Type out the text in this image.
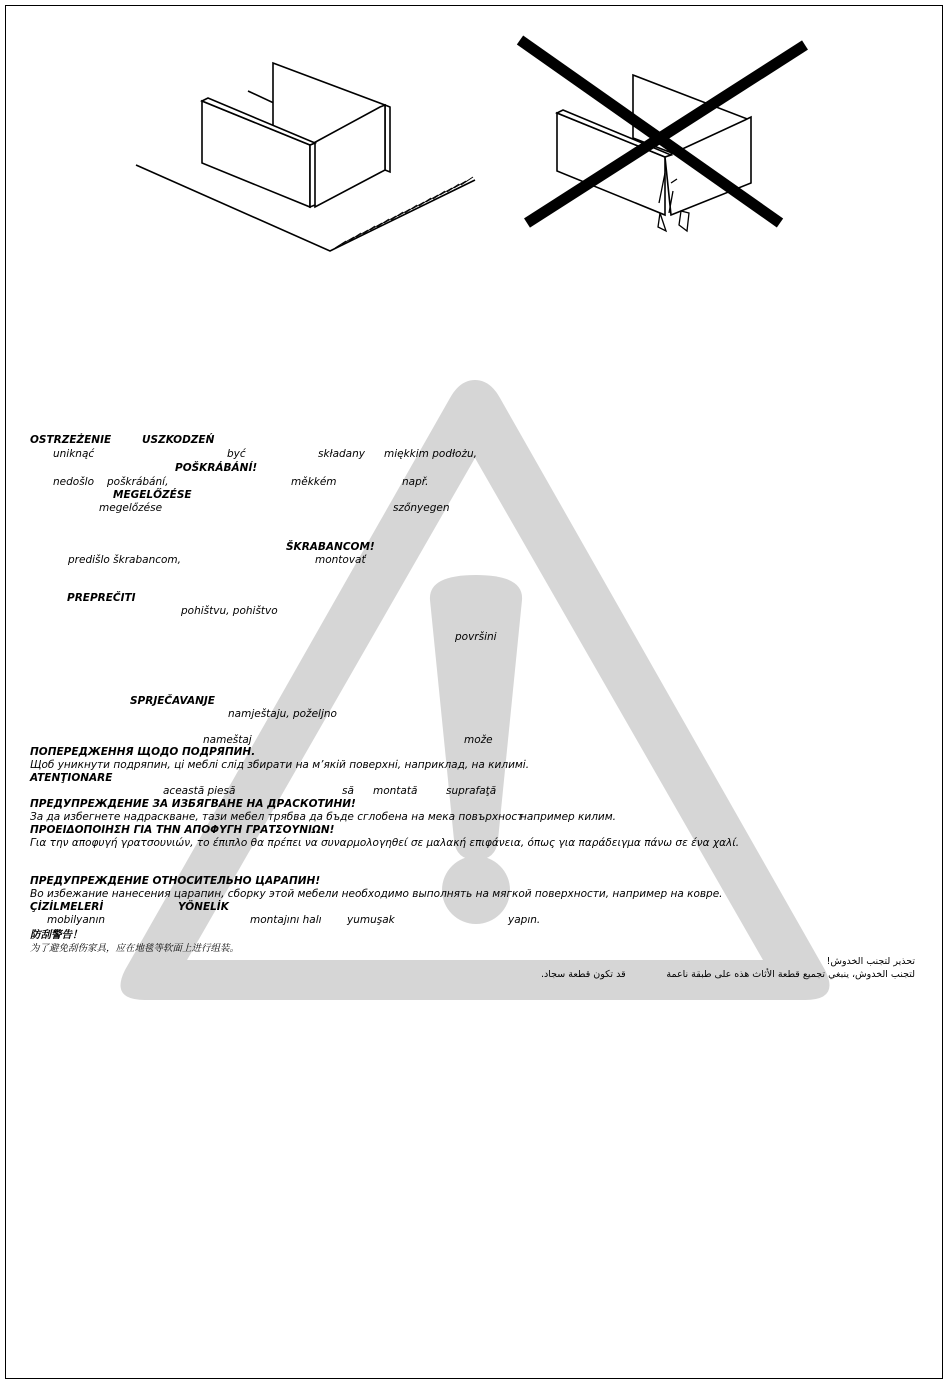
OSTRZEŻENIE	USZKODZEŃ
uniknąć	być	składany miękkim podłożu,
POŠKRÁBÁNÍ!
nedošlo poškrábání,	měkkém	např.
MEGELŐZÉSE
megelőzése	szőnyegen
ŠKRABANCOM!
predišlo škrabancom,	montovať
PREPREČITI
pohištvu, pohištvo
površini
SPRJEČAVANJE
namještaju, poželjno
nameštaj	može
ПОПЕРЕДЖЕННЯ ЩОДО ПОДРЯПИН.
Щоб уникнути подряпин, ці меблі слід збирати на м’якій поверхні, наприклад, на килимі.
ATENŢIONARE
această piesă	să montată	suprafaţă
ПРЕДУПРЕЖДЕНИЕ ЗА ИЗБЯГВАНЕ НА ДРАСКОТИНИ!
За да избегнете надраскване, тази мебел трябва да бъде сглобена на мека повърхност
например килим.
ΠΡΟΕΙΔΟΠΟΙΗΣΗ ΓΙΑ ΤΗΝ ΑΠΟΦΥΓΗ ΓΡΑΤΣΟΥΝΙΩΝ!
Για την αποφυγή γρατσουνιών, το έπιπλο θα πρέπει να συναρμολογηθεί σε μαλακή επιφάνεια, όπως για παράδειγμα πάνω σε ένα χαλί.
ПРЕДУПРЕЖДЕНИЕ ОТНОСИТЕЛЬНО ЦАРАПИН!
Во избежание нанесения царапин, сборку этой мебели необходимо выполнять на мягкой поверхности, например на ковре.
ÇİZİLMELERİ	YÖNELİK
mobilyanın	montajını halı yumuşak	yapın.
防刮警告！
为了避免刮伤家具，应在地毯等软面上进行组装。
تحذير لتجنب الخدوش!
لتجنب الخدوش، ينبغي تجميع قطعة الأثاث هذه على طبقة ناعمة
قد تكون قطعة سجاد.
